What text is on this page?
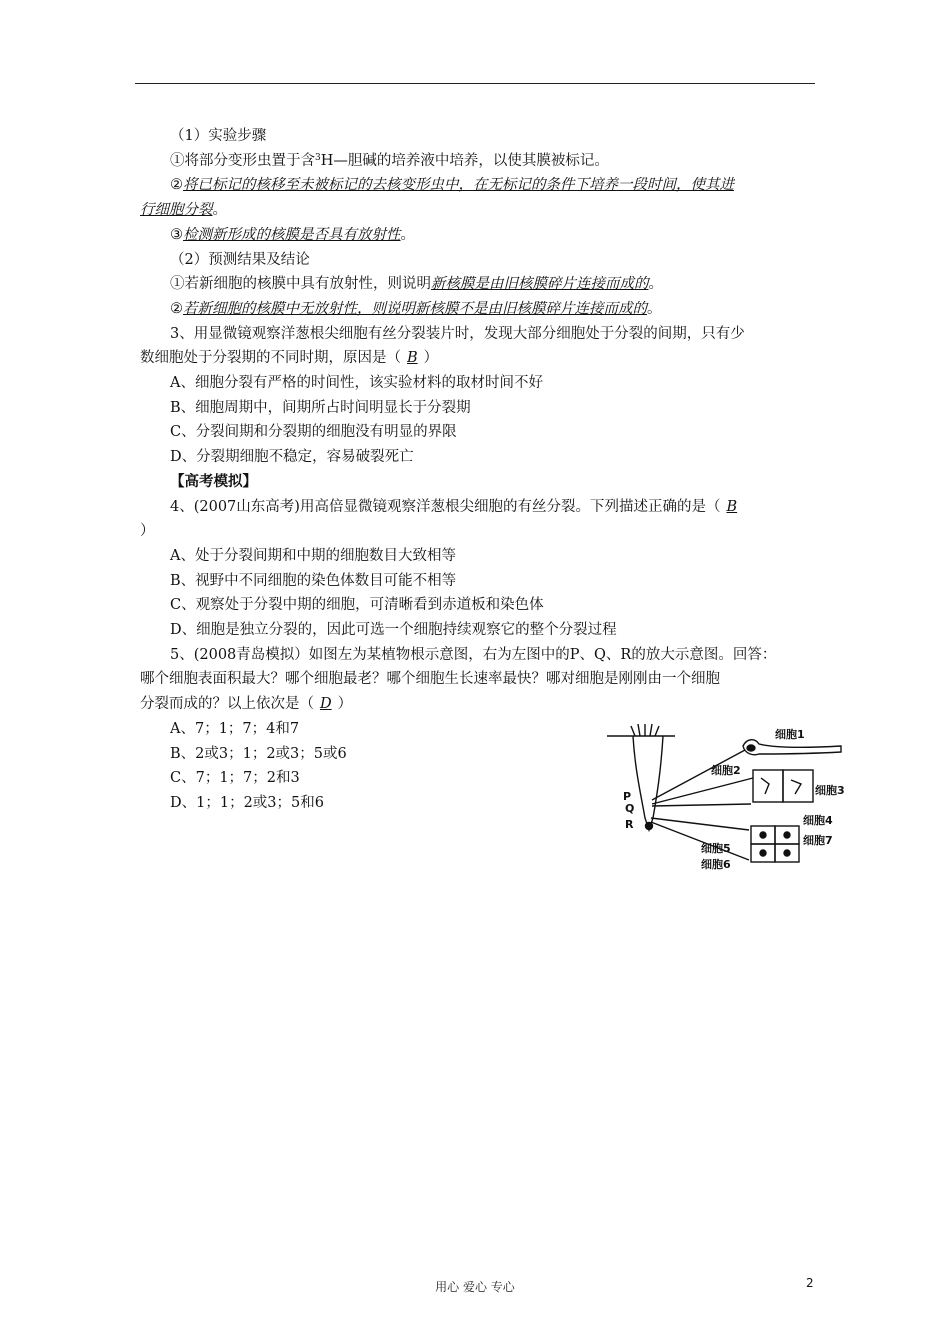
（1）实验步骤
①将部分变形虫置于含$^3$H—胆碱的培养液中培养，以使其膜被标记。
②将已标记的核移至未被标记的去核变形虫中，在无标记的条件下培养一段时间，使其进
行细胞分裂。
③检测新形成的核膜是否具有放射性。
（2）预测结果及结论
①若新细胞的核膜中具有放射性，则说明新核膜是由旧核膜碎片连接而成的。
②若新细胞的核膜中无放射性，则说明新核膜不是由旧核膜碎片连接而成的。
3、用显微镜观察洋葱根尖细胞有丝分裂装片时，发现大部分细胞处于分裂的间期，只有少
数细胞处于分裂期的不同时期，原因是（ B ）
A、细胞分裂有严格的时间性，该实验材料的取材时间不好
B、细胞周期中，间期所占时间明显长于分裂期
C、分裂间期和分裂期的细胞没有明显的界限
D、分裂期细胞不稳定，容易破裂死亡
【高考模拟】
4、(2007山东高考)用高倍显微镜观察洋葱根尖细胞的有丝分裂。下列描述正确的是（ B
）
A、处于分裂间期和中期的细胞数目大致相等
B、视野中不同细胞的染色体数目可能不相等
C、观察处于分裂中期的细胞，可清晰看到赤道板和染色体
D、细胞是独立分裂的，因此可选一个细胞持续观察它的整个分裂过程
5、(2008青岛模拟）如图左为某植物根示意图，右为左图中的P、Q、R的放大示意图。回答：
哪个细胞表面积最大？哪个细胞最老？哪个细胞生长速率最快？哪对细胞是刚刚由一个细胞
分裂而成的？以上依次是（ D ）
A、7；1；7；4和7
B、2或3；1；2或3；5或6
C、7；1；7；2和3
D、1；1；2或3；5和6	P
Q
R
细胞1
细胞2
细胞3
细胞4
细胞7
细胞5
细胞6
用心 爱心 专心	2
